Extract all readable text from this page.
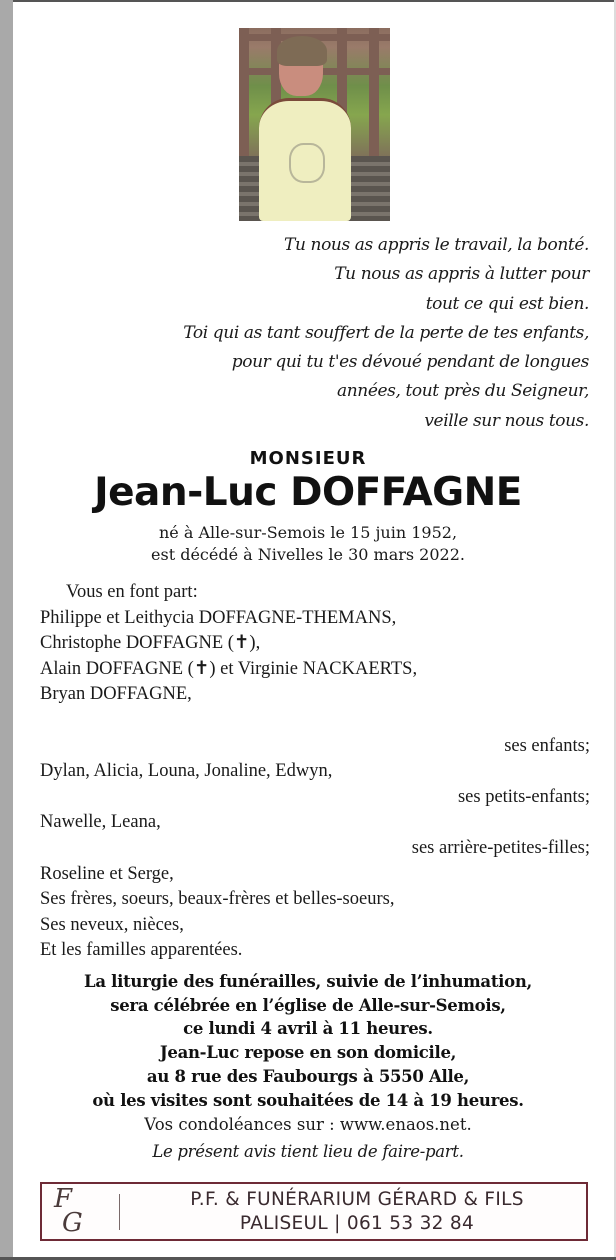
Tu nous as appris le travail, la bonté.
Tu nous as appris à lutter pour
tout ce qui est bien.
Toi qui as tant souffert de la perte de tes enfants,
pour qui tu t'es dévoué pendant de longues
années, tout près du Seigneur,
veille sur nous tous.
MONSIEUR
Jean-Luc DOFFAGNE
né à Alle-sur-Semois le 15 juin 1952,
est décédé à Nivelles le 30 mars 2022.
Vous en font part:
Philippe et Leithycia DOFFAGNE-THEMANS,
Christophe DOFFAGNE (✝),
Alain DOFFAGNE (✝) et Virginie NACKAERTS,
Bryan DOFFAGNE,
ses enfants;
Dylan, Alicia, Louna, Jonaline, Edwyn,
ses petits-enfants;
Nawelle, Leana,
ses arrière-petites-filles;
Roseline et Serge,
Ses frères, soeurs, beaux-frères et belles-soeurs,
Ses neveux, nièces,
Et les familles apparentées.
La liturgie des funérailles, suivie de l’inhumation,
sera célébrée en l’église de Alle-sur-Semois,
ce lundi 4 avril à 11 heures.
Jean-Luc repose en son domicile,
au 8 rue des Faubourgs à 5550 Alle,
où les visites sont souhaitées de 14 à 19 heures.
Vos condoléances sur : www.enaos.net.
Le présent avis tient lieu de faire-part.
F
G
P.F. & FUNÉRARIUM GÉRARD & FILS
PALISEUL | 061 53 32 84
